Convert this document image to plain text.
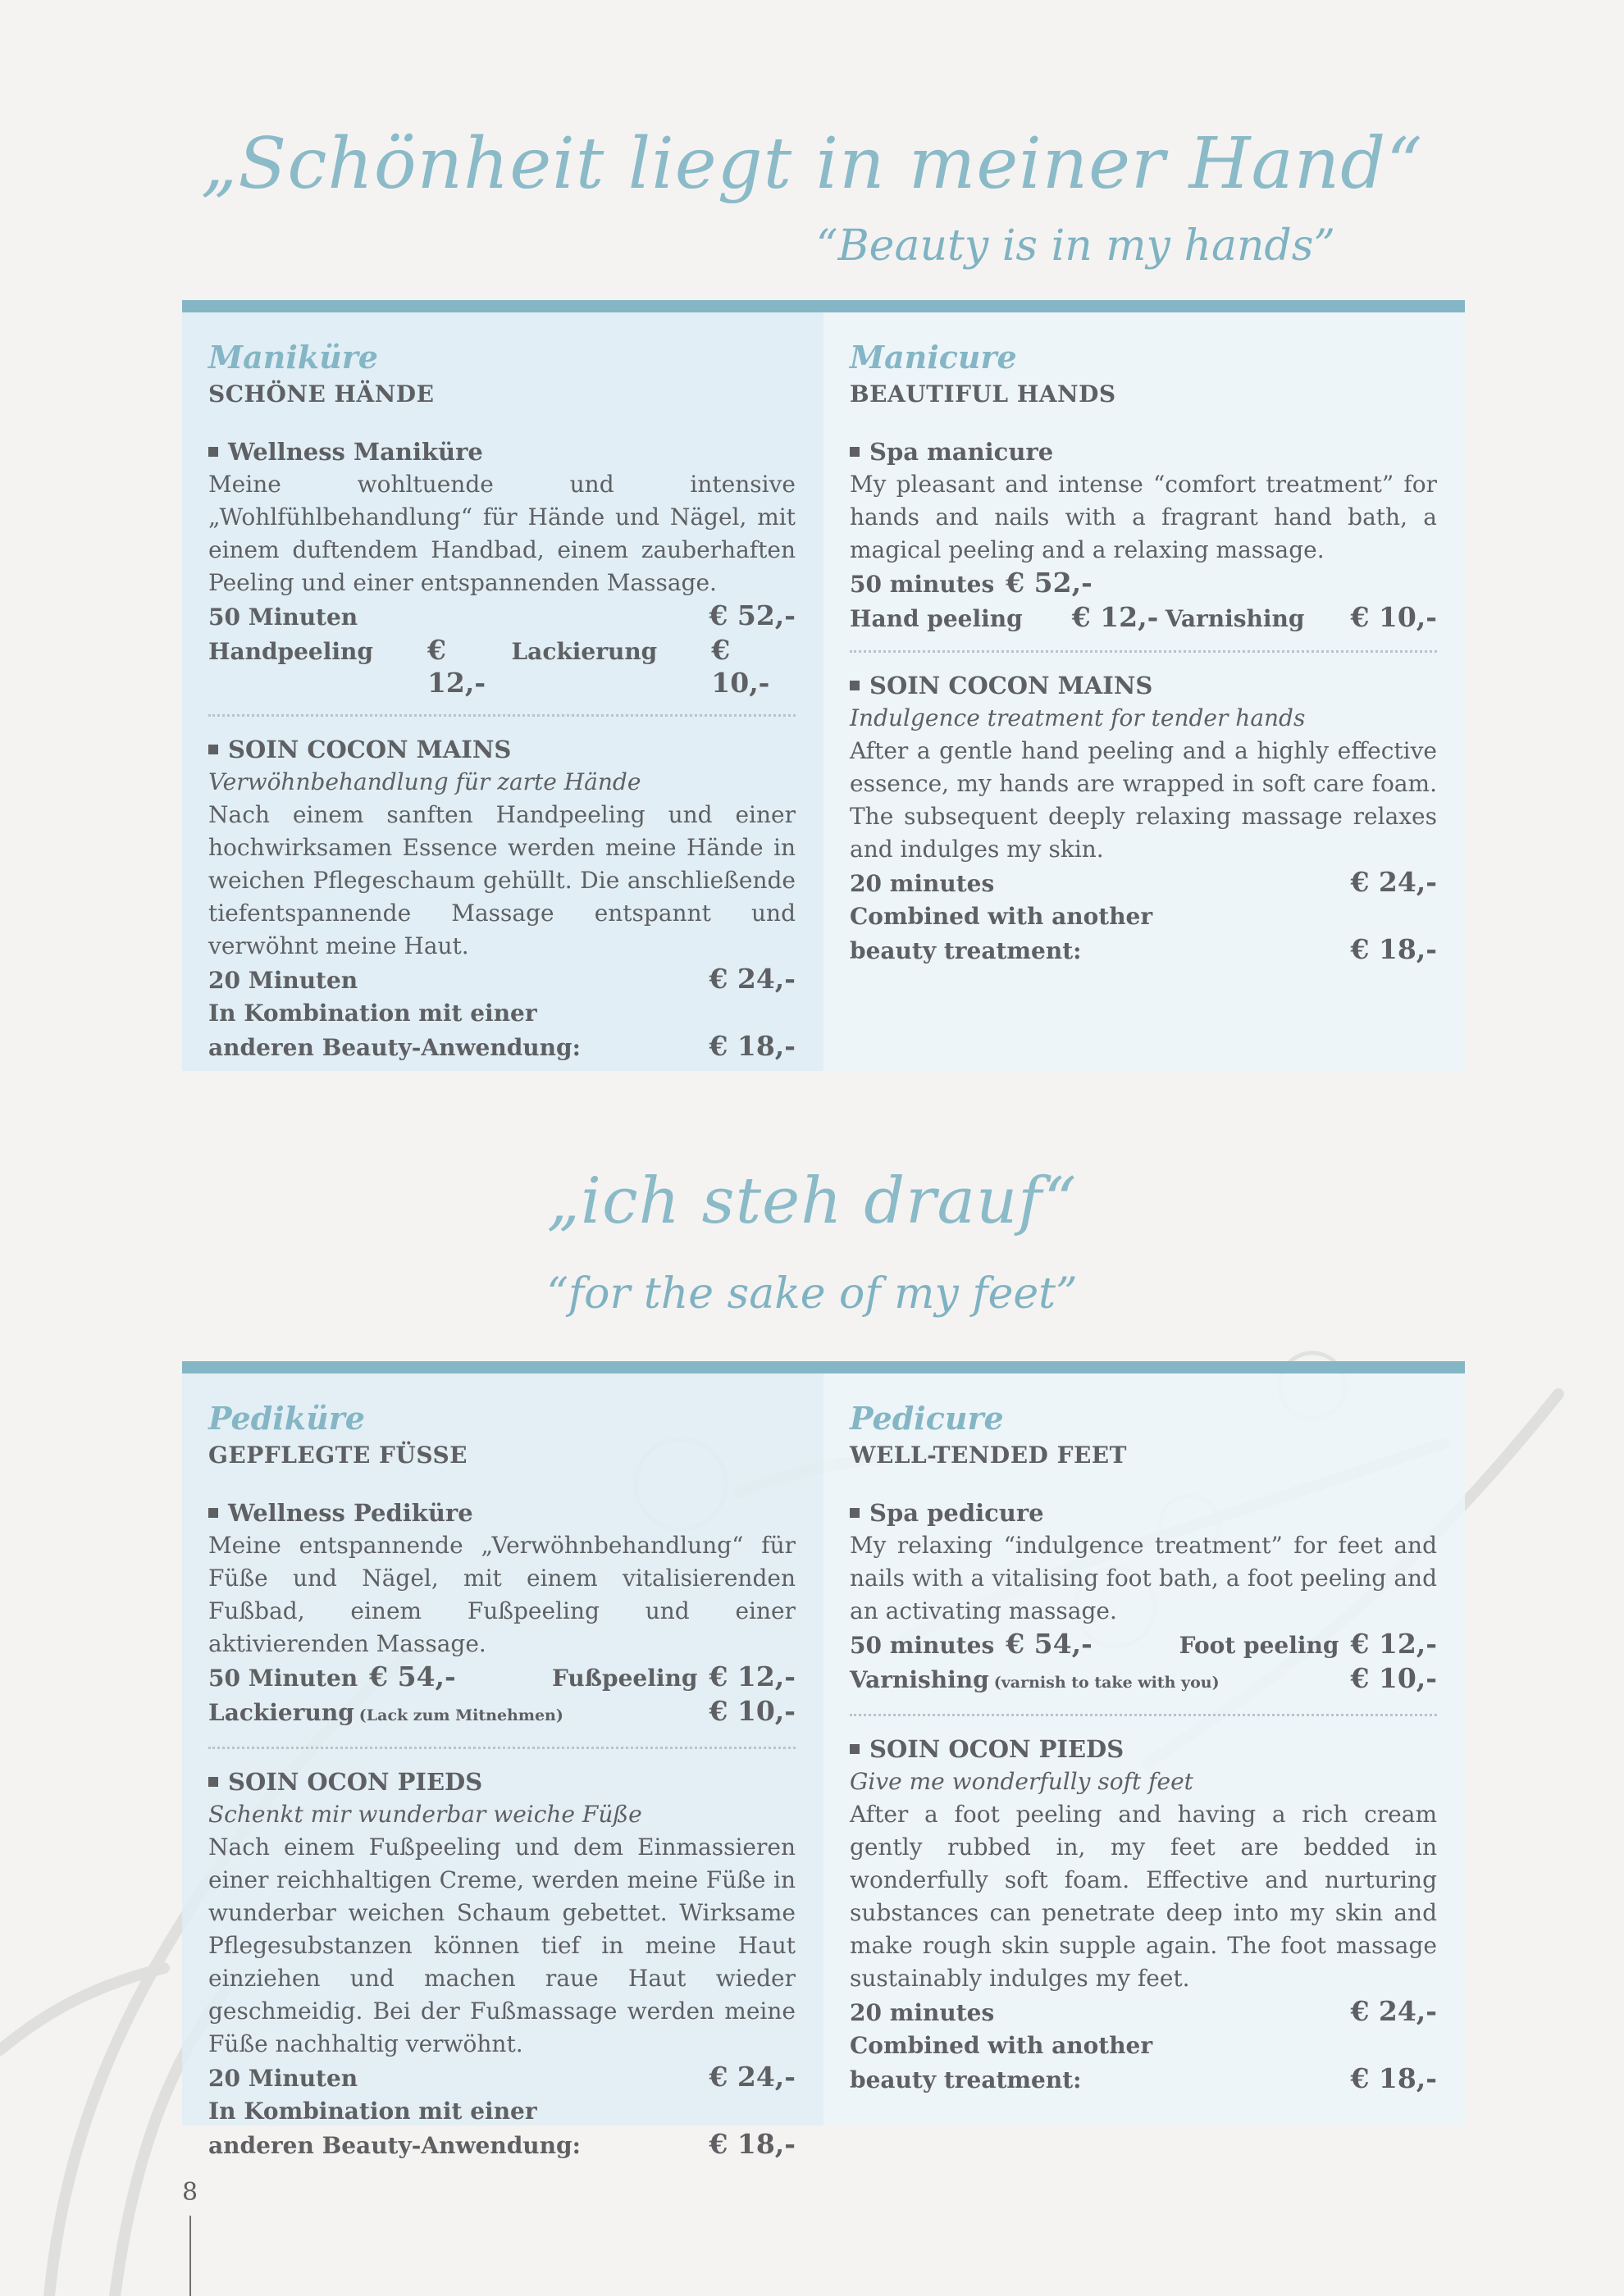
„Schönheit liegt in meiner Hand“
“Beauty is in my hands”
Maniküre
SCHÖNE HÄNDE
Wellness Maniküre
Meine wohltuende und intensive „Wohlfühlbehandlung“ für Hände und Nägel, mit einem duftendem Handbad, einem zauberhaften Peeling und einer entspannenden Massage.
50 Minuten	€ 52,-
Handpeeling € 12,-
Lackierung € 10,-
SOIN COCON MAINS
Verwöhnbehandlung für zarte Hände
Nach einem sanften Handpeeling und einer hochwirksamen Essence werden meine Hände in weichen Pflegeschaum gehüllt. Die anschließende tiefentspannende Massage entspannt und verwöhnt meine Haut.
20 Minuten	€ 24,-
In Kombination mit einer
anderen Beauty-Anwendung:	€ 18,-
Manicure
BEAUTIFUL HANDS
Spa manicure
My pleasant and intense “comfort treatment” for hands and nails with a fragrant hand bath, a magical peeling and a relaxing massage.
50 minutes € 52,-
Hand peeling € 12,- Varnishing € 10,-
SOIN COCON MAINS
Indulgence treatment for tender hands
After a gentle hand peeling and a highly effective essence, my hands are wrapped in soft care foam. The subsequent deeply relaxing massage relaxes and indulges my skin.
20 minutes	€ 24,-
Combined with another
beauty treatment:	€ 18,-
„ich steh drauf“
“for the sake of my feet”
Pediküre
GEPFLEGTE FÜSSE
Wellness Pediküre
Meine entspannende „Verwöhnbehandlung“ für Füße und Nägel, mit einem vitalisierenden Fußbad, einem Fußpeeling und einer aktivierenden Massage.
50 Minuten € 54,-	Fußpeeling € 12,-
Lackierung (Lack zum Mitnehmen)	€ 10,-
SOIN OCON PIEDS
Schenkt mir wunderbar weiche Füße
Nach einem Fußpeeling und dem Einmassieren einer reichhaltigen Creme, werden meine Füße in wunderbar weichen Schaum gebettet. Wirksame Pflegesubstanzen können tief in meine Haut einziehen und machen raue Haut wieder geschmeidig. Bei der Fußmassage werden meine Füße nachhaltig verwöhnt.
20 Minuten	€ 24,-
In Kombination mit einer
anderen Beauty-Anwendung:	€ 18,-
Pedicure
WELL-TENDED FEET
Spa pedicure
My relaxing “indulgence treatment” for feet and nails with a vitalising foot bath, a foot peeling and an activating massage.
50 minutes € 54,-	Foot peeling € 12,-
Varnishing (varnish to take with you)	€ 10,-
SOIN OCON PIEDS
Give me wonderfully soft feet
After a foot peeling and having a rich cream gently rubbed in, my feet are bedded in wonderfully soft foam. Effective and nurturing substances can penetrate deep into my skin and make rough skin supple again. The foot massage sustainably indulges my feet.
20 minutes	€ 24,-
Combined with another
beauty treatment:	€ 18,-
8
